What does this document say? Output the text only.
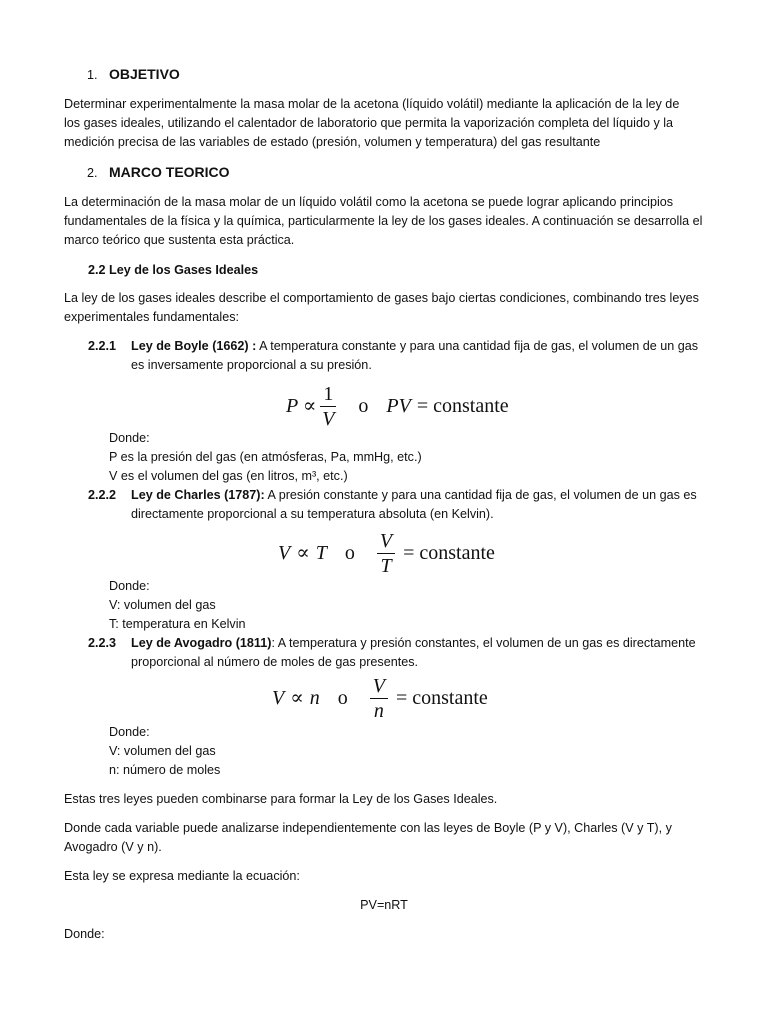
1. OBJETIVO
Determinar experimentalmente la masa molar de la acetona (líquido volátil) mediante la aplicación de la ley de
los gases ideales, utilizando el calentador de laboratorio que permita la vaporización completa del líquido y la
medición precisa de las variables de estado (presión, volumen y temperatura) del gas resultante
2. MARCO TEORICO
La determinación de la masa molar de un líquido volátil como la acetona se puede lograr aplicando principios
fundamentales de la física y la química, particularmente la ley de los gases ideales. A continuación se desarrolla el
marco teórico que sustenta esta práctica.
2.2 Ley de los Gases Ideales
La ley de los gases ideales describe el comportamiento de gases bajo ciertas condiciones, combinando tres leyes
experimentales fundamentales:
2.2.1 Ley de Boyle (1662) : A temperatura constante y para una cantidad fija de gas, el volumen de un gas
es inversamente proporcional a su presión.
$P \propto \frac{1}{V}$ o PV = constante
Donde:
P es la presión del gas (en atmósferas, Pa, mmHg, etc.)
V es el volumen del gas (en litros, m³, etc.)
2.2.2 Ley de Charles (1787): A presión constante y para una cantidad fija de gas, el volumen de un gas es
directamente proporcional a su temperatura absoluta (en Kelvin).
V ∝ T o $\frac{V}{T}$ = constante
Donde:
V: volumen del gas
T: temperatura en Kelvin
2.2.3 Ley de Avogadro (1811): A temperatura y presión constantes, el volumen de un gas es directamente
proporcional al número de moles de gas presentes.
V ∝ n o $\frac{V}{n}$ = constante
Donde:
V: volumen del gas
n: número de moles
Estas tres leyes pueden combinarse para formar la Ley de los Gases Ideales.
Donde cada variable puede analizarse independientemente con las leyes de Boyle (P y V), Charles (V y T), y
Avogadro (V y n).
Esta ley se expresa mediante la ecuación:
PV=nRT
Donde:
